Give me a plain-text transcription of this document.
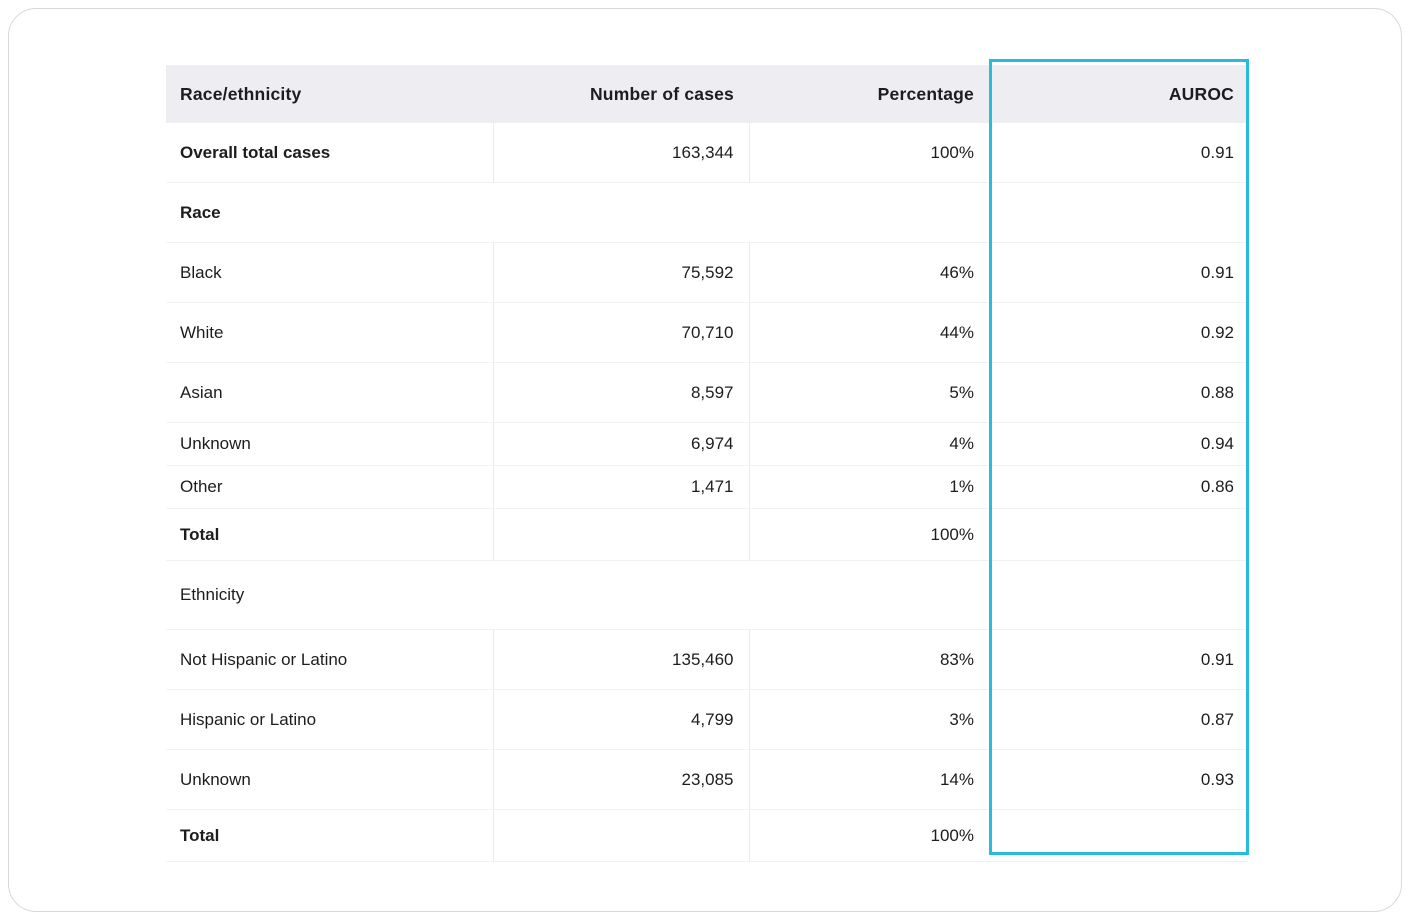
Race/ethnicity	Number of cases	Percentage	AUROC
Overall total cases	163,344	100%	0.91
Race			
Black	75,592	46%	0.91
White	70,710	44%	0.92
Asian	8,597	5%	0.88
Unknown	6,974	4%	0.94
Other	1,471	1%	0.86
Total		100%	
Ethnicity			
Not Hispanic or Latino	135,460	83%	0.91
Hispanic or Latino	4,799	3%	0.87
Unknown	23,085	14%	0.93
Total		100%	
